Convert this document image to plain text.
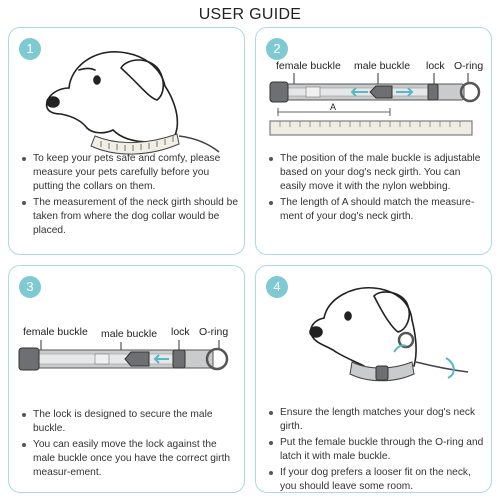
USER GUIDE
1
To keep your pets safe and comfy, please measure your pets carefully before you putting the collars on them.
The measurement of the neck girth should be taken from where the dog collar would be placed.
2
female buckle male buckle lock O-ring
A
The position of the male buckle is adjustable based on your dog's neck girth. You can easily move it with the nylon webbing.
The length of A should match the measure-ment of your dog's neck girth.
3
female buckle male buckle lock O-ring
The lock is designed to secure the male buckle.
You can easily move the lock against the male buckle once you have the correct girth measur-ement.
4
Ensure the length matches your dog's neck girth.
Put the female buckle through the O-ring and latch it with male buckle.
If your dog prefers a looser fit on the neck, you should leave some room.
